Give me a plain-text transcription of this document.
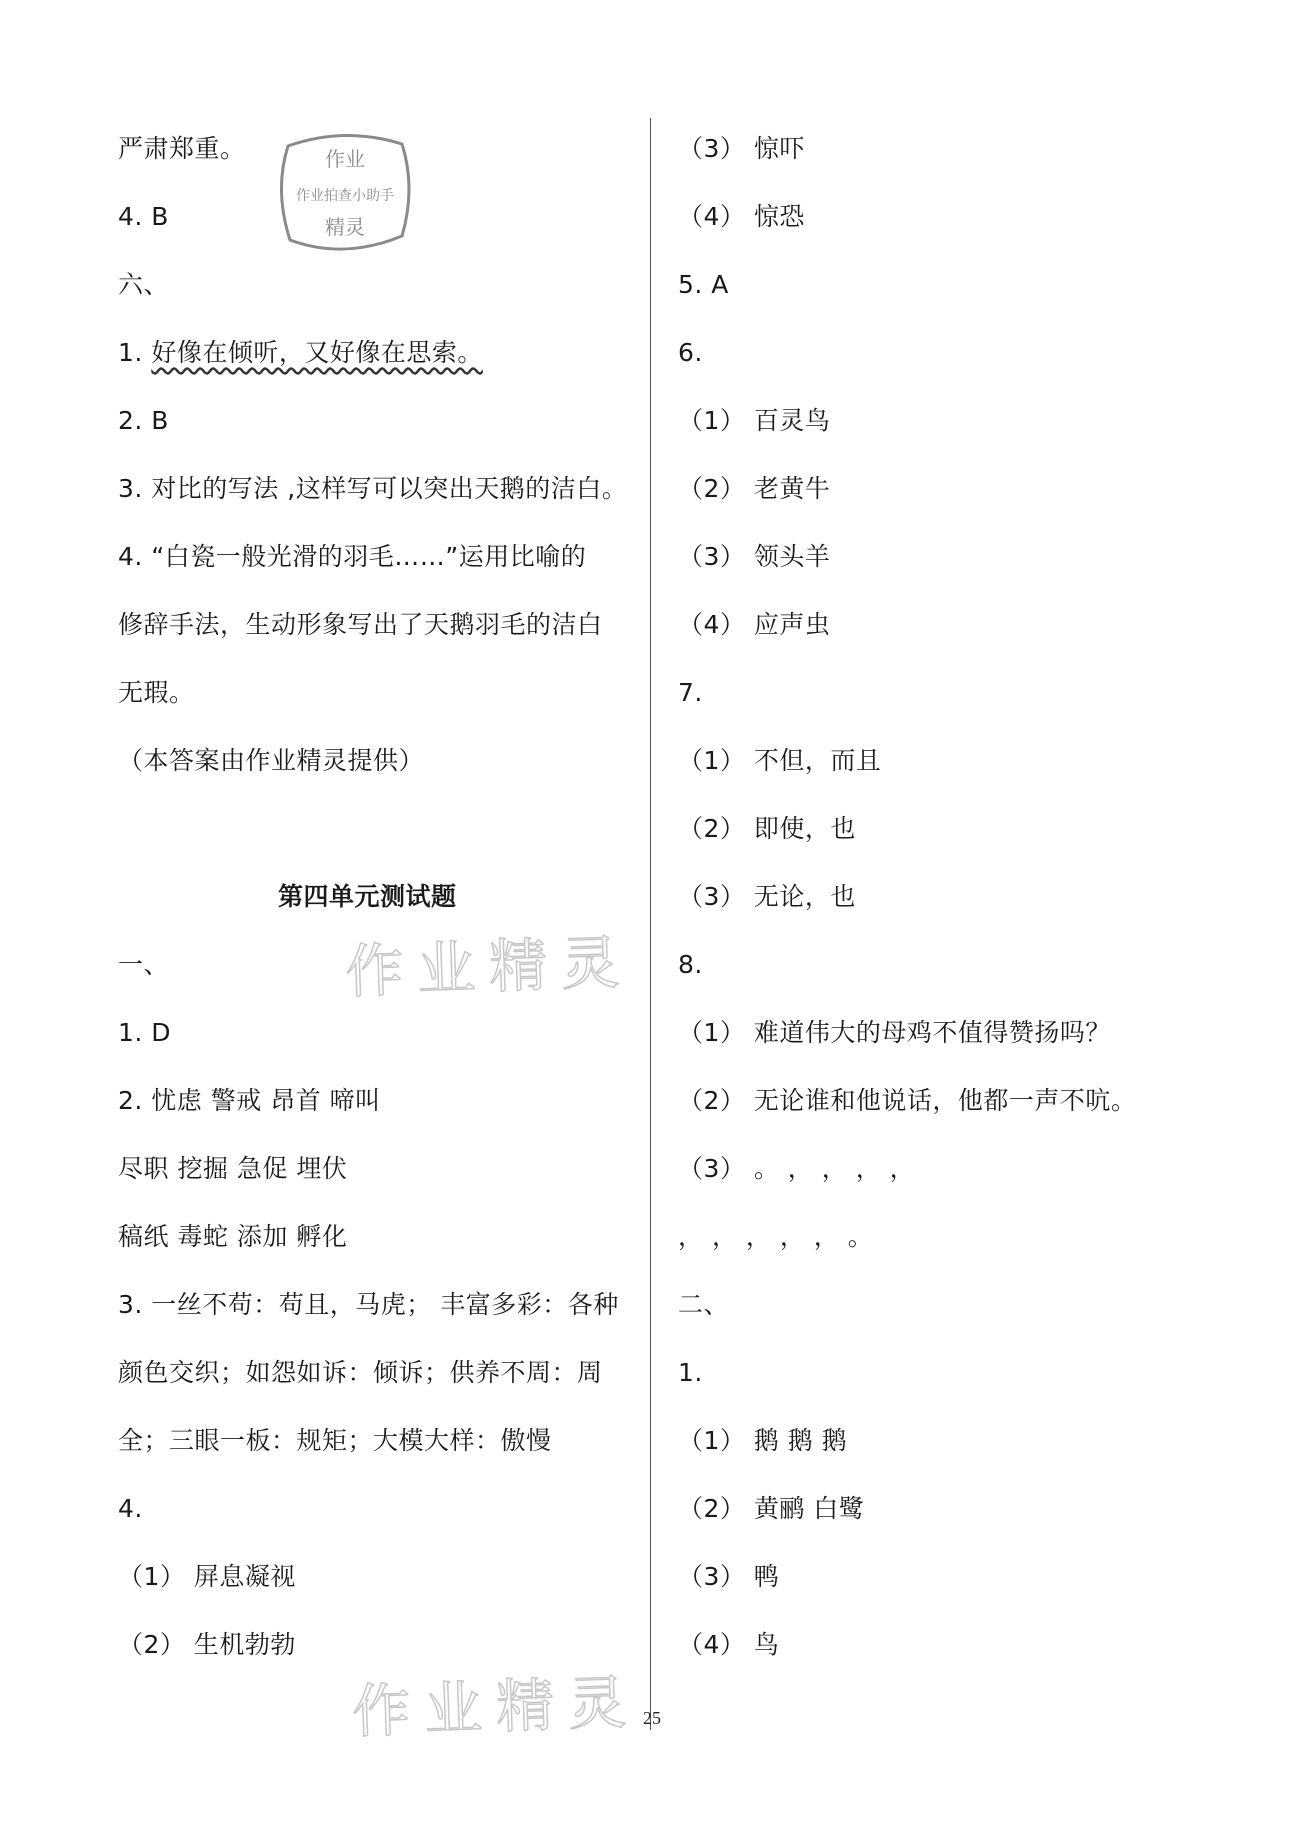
严肃郑重。
4. B
六、
1. 好像在倾听，又好像在思索。
2. B
3. 对比的写法 ,这样写可以突出天鹅的洁白。
4. “白瓷一般光滑的羽毛……”运用比喻的
修辞手法，生动形象写出了天鹅羽毛的洁白
无瑕。
（本答案由作业精灵提供）
第四单元测试题
一、
1. D
2. 忧虑 警戒 昂首 啼叫
尽职 挖掘 急促 埋伏
稿纸 毒蛇 添加 孵化
3. 一丝不苟：苟且，马虎； 丰富多彩：各种
颜色交织；如怨如诉：倾诉；供养不周：周
全；三眼一板：规矩；大模大样：傲慢
4.
（1） 屏息凝视
（2） 生机勃勃
（3） 惊吓
（4） 惊恐
5. A
6.
（1） 百灵鸟
（2） 老黄牛
（3） 领头羊
（4） 应声虫
7.
（1） 不但，而且
（2） 即使，也
（3） 无论，也
8.
（1） 难道伟大的母鸡不值得赞扬吗？
（2） 无论谁和他说话，他都一声不吭。
（3） 。 ， ， ， ，
， ， ， ， ， 。
二、
1.
（1） 鹅 鹅 鹅
（2） 黄鹂 白鹭
（3） 鸭
（4） 鸟
作业
作业拍查小助手
精灵
作业精灵
作业精灵 25
